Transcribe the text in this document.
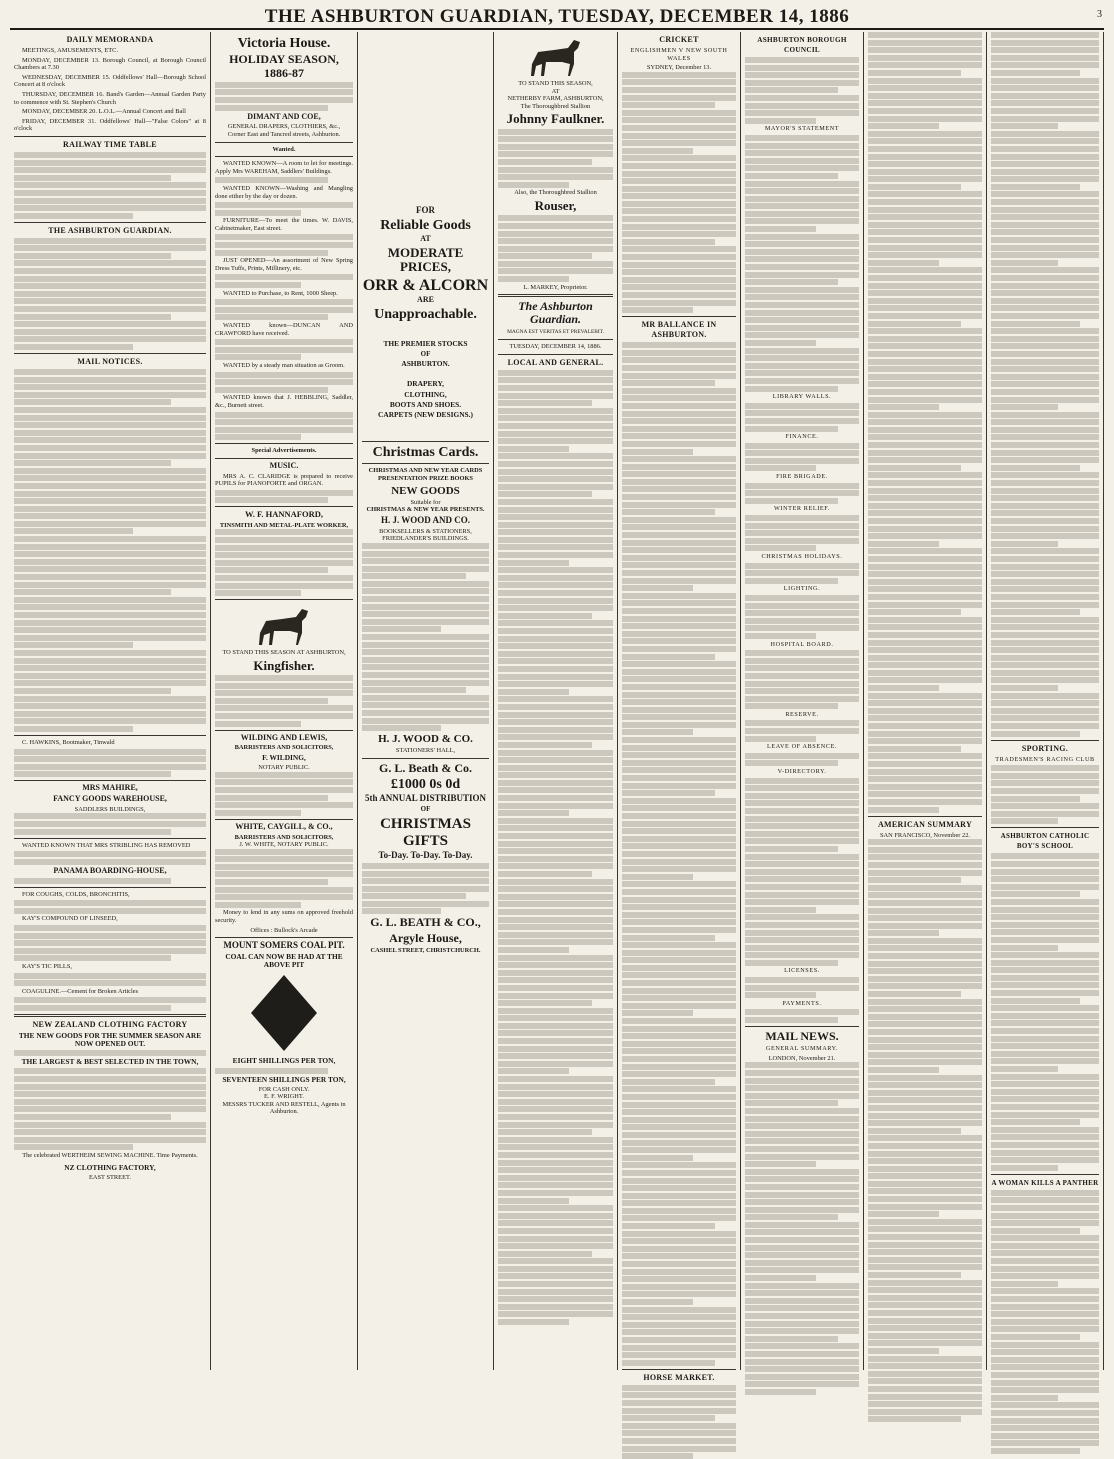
THE ASHBURTON GUARDIAN, TUESDAY, DECEMBER 14, 1886	3
DAILY MEMORANDA
MEETINGS, AMUSEMENTS, ETC.
MONDAY, DECEMBER 13. Borough Council, at Borough Council Chambers at 7.30
WEDNESDAY, DECEMBER 15. Oddfellows' Hall—Borough School Concert at 8 o'clock
THURSDAY, DECEMBER 16. Band's Garden—Annual Garden Party to commence with St. Stephen's Church
MONDAY, DECEMBER 20. L.O.L.—Annual Concert and Ball
FRIDAY, DECEMBER 31. Oddfellows' Hall—"False Colors" at 8 o'clock
RAILWAY TIME TABLE
THE ASHBURTON GUARDIAN.
MAIL NOTICES.
C. HAWKINS, Bootmaker, Tinwald
MRS MAHIRE,
FANCY GOODS WAREHOUSE,
SADDLERS BUILDINGS,
WANTED KNOWN THAT MRS STRIBLING HAS REMOVED
PANAMA BOARDING-HOUSE,
FOR COUGHS, COLDS, BRONCHITIS,
KAY'S COMPOUND OF LINSEED,
KAY'S TIC PILLS,
COAGULINE.—Cement for Broken Articles
NEW ZEALAND CLOTHING FACTORY
THE NEW GOODS FOR THE SUMMER SEASON ARE NOW OPENED OUT.
THE LARGEST & BEST SELECTED IN THE TOWN,
The celebrated WERTHEIM SEWING MACHINE. Time Payments.
NZ CLOTHING FACTORY,
EAST STREET.
Victoria House.
HOLIDAY SEASON, 1886-87
DIMANT AND COE,
GENERAL DRAPERS, CLOTHIERS, &c.,
Corner East and Tancred streets, Ashburton.
Wanted.
WANTED KNOWN—A room to let for meetings. Apply Mrs WAREHAM, Saddlers' Buildings.
WANTED KNOWN—Washing and Mangling done either by the day or dozen.
FURNITURE—To meet the times. W. DAVIS, Cabinetmaker, East street.
JUST OPENED—An assortment of New Spring Dress Tuffs, Prints, Millinery, etc.
WANTED to Purchase, to Rent, 1000 Sheep.
WANTED known—DUNCAN AND CRAWFORD have received.
WANTED by a steady man situation as Groom.
WANTED known that J. HEBBLING, Saddler, &c., Burnett street.
Special Advertisements.
MUSIC.
MRS A. C. CLARIDGE is prepared to receive PUPILS for PIANOFORTE and ORGAN.
W. F. HANNAFORD,
TINSMITH AND METAL-PLATE WORKER,
TO STAND THIS SEASON AT ASHBURTON,
Kingfisher.
WILDING AND LEWIS,
BARRISTERS AND SOLICITORS,
F. WILDING,
NOTARY PUBLIC.
WHITE, CAYGILL, & CO.,
BARRISTERS AND SOLICITORS,
J. W. WHITE, NOTARY PUBLIC.
Money to lend in any sums on approved freehold security.
Offices : Bullock's Arcade
MOUNT SOMERS COAL PIT.
COAL CAN NOW BE HAD AT THE ABOVE PIT
EIGHT SHILLINGS PER TON,
SEVENTEEN SHILLINGS PER TON,
FOR CASH ONLY.
E. F. WRIGHT.
MESSRS TUCKER AND RESTELL, Agents in Ashburton.
FOR
Reliable Goods
AT
MODERATE PRICES,
ORR & ALCORN
ARE
Unapproachable.
THE PREMIER STOCKS
OF
ASHBURTON.
DRAPERY,
CLOTHING,
BOOTS AND SHOES.
CARPETS (NEW DESIGNS.)
Christmas Cards.
CHRISTMAS AND NEW YEAR CARDS
PRESENTATION PRIZE BOOKS
NEW GOODS
Suitable for
CHRISTMAS & NEW YEAR PRESENTS.
H. J. WOOD AND CO.
BOOKSELLERS & STATIONERS,
FRIEDLANDER'S BUILDINGS.
H. J. WOOD & CO.
STATIONERS' HALL,
G. L. Beath & Co.
£1000 0s 0d
5th ANNUAL DISTRIBUTION
OF
CHRISTMAS GIFTS
To-Day. To-Day. To-Day.
G. L. BEATH & CO.,
Argyle House,
CASHEL STREET, CHRISTCHURCH.
TO STAND THIS SEASON,
AT
NETHERBY FARM, ASHBURTON,
The Thoroughbred Stallion
Johnny Faulkner.
Also, the Thoroughbred Stallion
Rouser,
L. MARKEY, Proprietor.
The Ashburton Guardian.
MAGNA EST VERITAS ET PREVALEBIT.
TUESDAY, DECEMBER 14, 1886.
LOCAL AND GENERAL.
CRICKET
ENGLISHMEN V NEW SOUTH WALES
SYDNEY, December 13.
MR BALLANCE IN ASHBURTON.
HORSE MARKET.
ASHBURTON BOROUGH COUNCIL
MAYOR'S STATEMENT
LIBRARY WALLS.
FINANCE.
FIRE BRIGADE.
WINTER RELIEF.
CHRISTMAS HOLIDAYS.
LIGHTING.
HOSPITAL BOARD.
RESERVE.
LEAVE OF ABSENCE.
V-DIRECTORY.
LICENSES.
PAYMENTS.
MAIL NEWS.
GENERAL SUMMARY.
LONDON, November 21.
AMERICAN SUMMARY
SAN FRANCISCO, November 22.
SPORTING.
TRADESMEN'S RACING CLUB
ASHBURTON CATHOLIC BOY'S SCHOOL
A WOMAN KILLS A PANTHER
